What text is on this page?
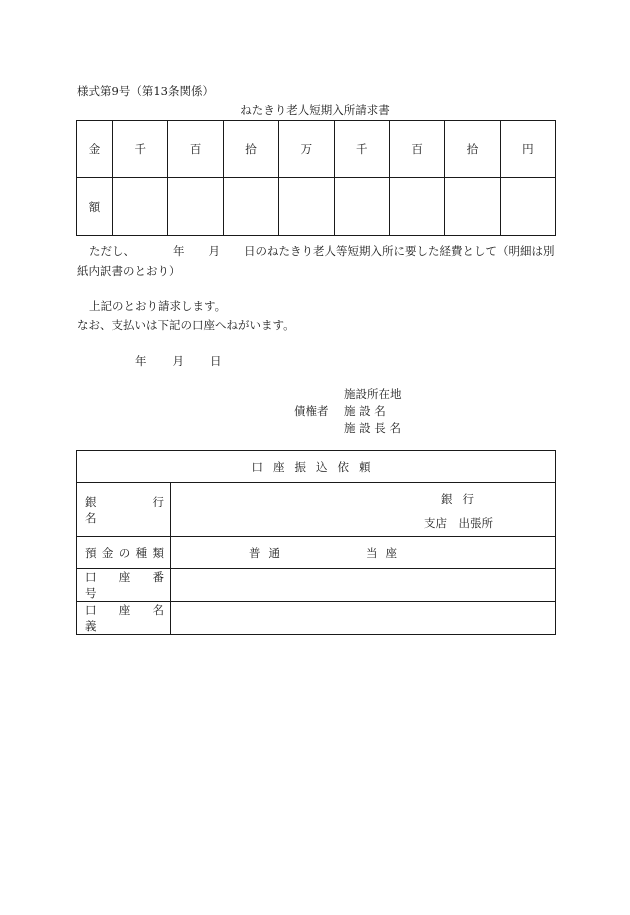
様式第9号（第13条関係）
ねたきり老人短期入所請求書
金	千	百	拾	万	千	百	拾	円
額								
ただし、	年 月 日のねたきり老人等短期入所に要した経費として（明細は別紙内訳書のとおり）
上記のとおり請求します。
なお、支払いは下記の口座へねがいます。
年 月 日
施設所在地
債権者 施 設 名
施 設 長 名
口座振込依頼	
銀　　行　　名	銀行
支店　出張所

預 金 の 種 類	普通 当座

口　座　番　号	
口　座　名　義	
